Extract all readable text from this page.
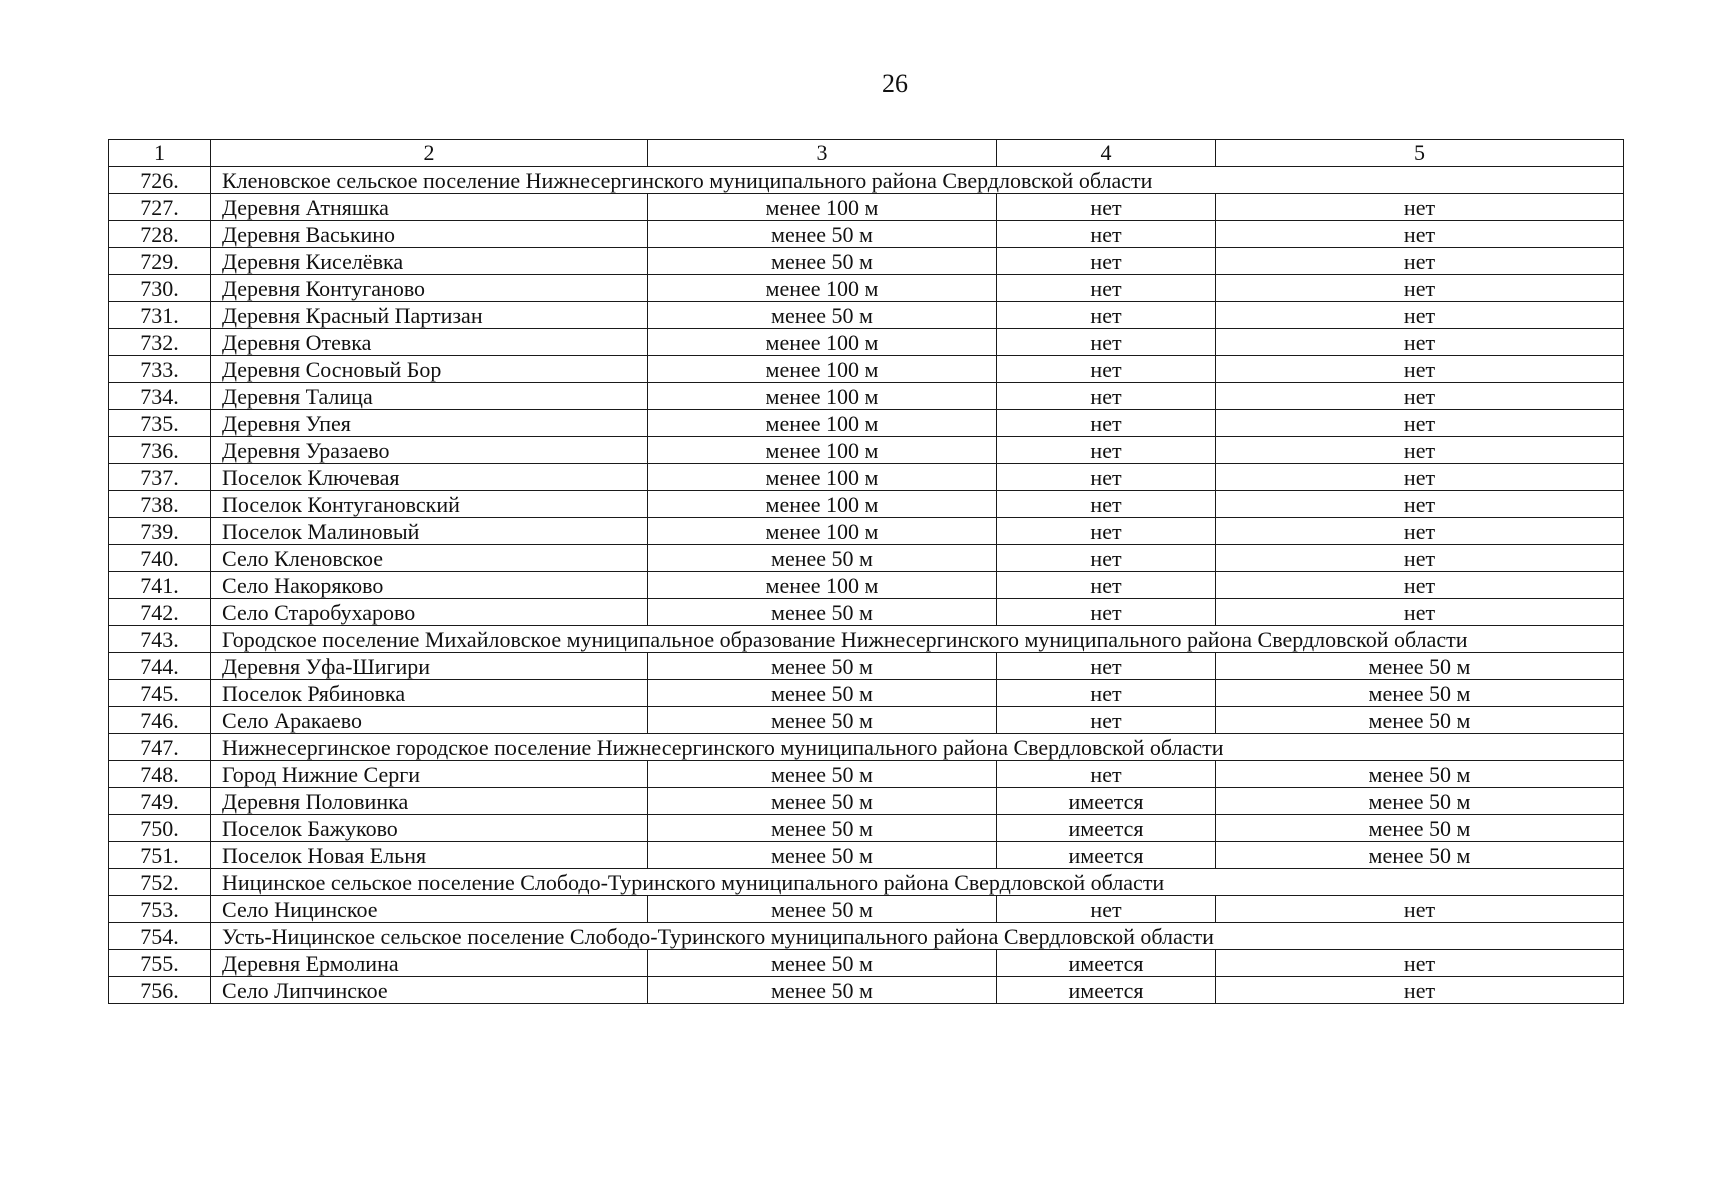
26
1	2	3	4	5
726.	Кленовское сельское поселение Нижнесергинского муниципального района Свердловской области			
727.	Деревня Атняшка	менее 100 м	нет	нет
728.	Деревня Васькино	менее 50 м	нет	нет
729.	Деревня Киселёвка	менее 50 м	нет	нет
730.	Деревня Контуганово	менее 100 м	нет	нет
731.	Деревня Красный Партизан	менее 50 м	нет	нет
732.	Деревня Отевка	менее 100 м	нет	нет
733.	Деревня Сосновый Бор	менее 100 м	нет	нет
734.	Деревня Талица	менее 100 м	нет	нет
735.	Деревня Упея	менее 100 м	нет	нет
736.	Деревня Уразаево	менее 100 м	нет	нет
737.	Поселок Ключевая	менее 100 м	нет	нет
738.	Поселок Контугановский	менее 100 м	нет	нет
739.	Поселок Малиновый	менее 100 м	нет	нет
740.	Село Кленовское	менее 50 м	нет	нет
741.	Село Накоряково	менее 100 м	нет	нет
742.	Село Старобухарово	менее 50 м	нет	нет
743.	Городское поселение Михайловское муниципальное образование Нижнесергинского муниципального района Свердловской области			
744.	Деревня Уфа-Шигири	менее 50 м	нет	менее 50 м
745.	Поселок Рябиновка	менее 50 м	нет	менее 50 м
746.	Село Аракаево	менее 50 м	нет	менее 50 м
747.	Нижнесергинское городское поселение Нижнесергинского муниципального района Свердловской области			
748.	Город Нижние Серги	менее 50 м	нет	менее 50 м
749.	Деревня Половинка	менее 50 м	имеется	менее 50 м
750.	Поселок Бажуково	менее 50 м	имеется	менее 50 м
751.	Поселок Новая Ельня	менее 50 м	имеется	менее 50 м
752.	Ницинское сельское поселение Слободо-Туринского муниципального района Свердловской области			
753.	Село Ницинское	менее 50 м	нет	нет
754.	Усть-Ницинское сельское поселение Слободо-Туринского муниципального района Свердловской области			
755.	Деревня Ермолина	менее 50 м	имеется	нет
756.	Село Липчинское	менее 50 м	имеется	нет
